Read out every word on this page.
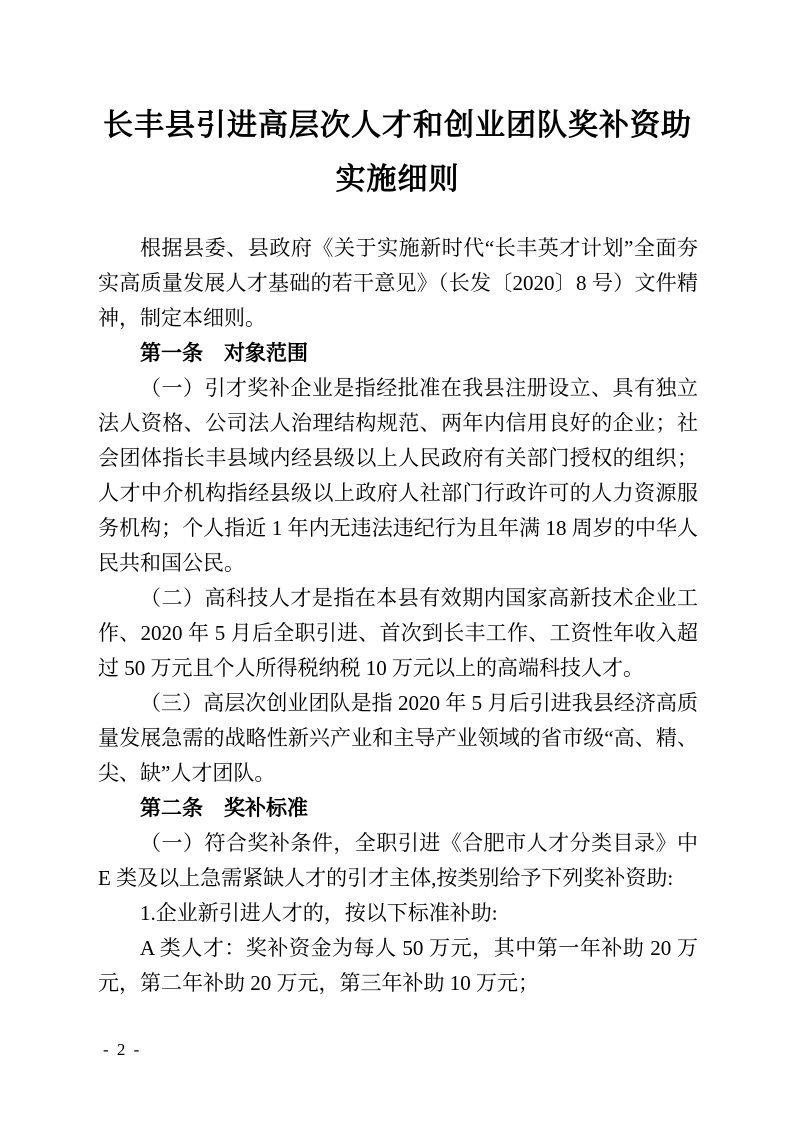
长丰县引进高层次人才和创业团队奖补资助
实施细则

根据县委、县政府《关于实施新时代“长丰英才计划”全面夯实高质量发展人才基础的若干意见》（长发〔2020〕8 号）文件精神，制定本细则。

第一条　对象范围

（一）引才奖补企业是指经批准在我县注册设立、具有独立法人资格、公司法人治理结构规范、两年内信用良好的企业；社会团体指长丰县域内经县级以上人民政府有关部门授权的组织；人才中介机构指经县级以上政府人社部门行政许可的人力资源服务机构；个人指近 1 年内无违法违纪行为且年满 18 周岁的中华人民共和国公民。

（二）高科技人才是指在本县有效期内国家高新技术企业工作、2020 年 5 月后全职引进、首次到长丰工作、工资性年收入超过 50 万元且个人所得税纳税 10 万元以上的高端科技人才。

（三）高层次创业团队是指 2020 年 5 月后引进我县经济高质量发展急需的战略性新兴产业和主导产业领域的省市级“高、精、尖、缺”人才团队。

第二条　奖补标准

（一）符合奖补条件，全职引进《合肥市人才分类目录》中E 类及以上急需紧缺人才的引才主体,按类别给予下列奖补资助:

1.企业新引进人才的，按以下标准补助:

A 类人才：奖补资金为每人 50 万元，其中第一年补助 20 万元，第二年补助 20 万元，第三年补助 10 万元；

- 2 -
